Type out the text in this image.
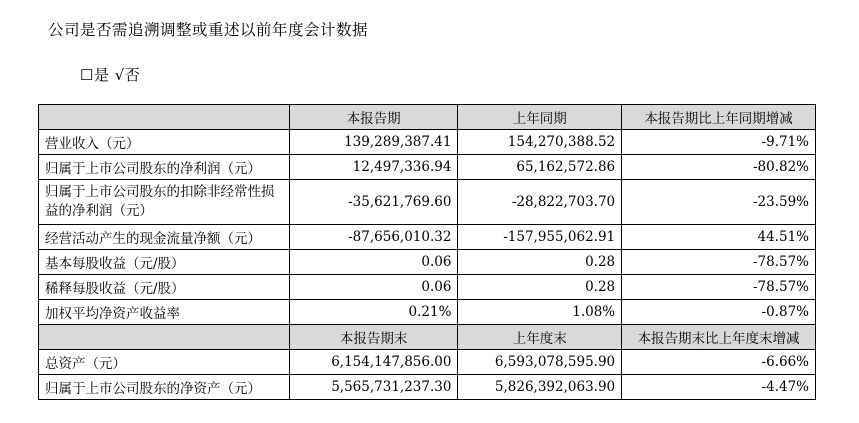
公司是否需追溯调整或重述以前年度会计数据
☐是 √否
	本报告期	上年同期	本报告期比上年同期增减
营业收入（元）	139,289,387.41	154,270,388.52	-9.71%
归属于上市公司股东的净利润（元）	12,497,336.94	65,162,572.86	-80.82%
归属于上市公司股东的扣除非经常性损益的净利润（元）	-35,621,769.60	-28,822,703.70	-23.59%
经营活动产生的现金流量净额（元）	-87,656,010.32	-157,955,062.91	44.51%
基本每股收益（元/股）	0.06	0.28	-78.57%
稀释每股收益（元/股）	0.06	0.28	-78.57%
加权平均净资产收益率	0.21%	1.08%	-0.87%
	本报告期末	上年度末	本报告期末比上年度末增减
总资产（元）	6,154,147,856.00	6,593,078,595.90	-6.66%
归属于上市公司股东的净资产（元）	5,565,731,237.30	5,826,392,063.90	-4.47%
